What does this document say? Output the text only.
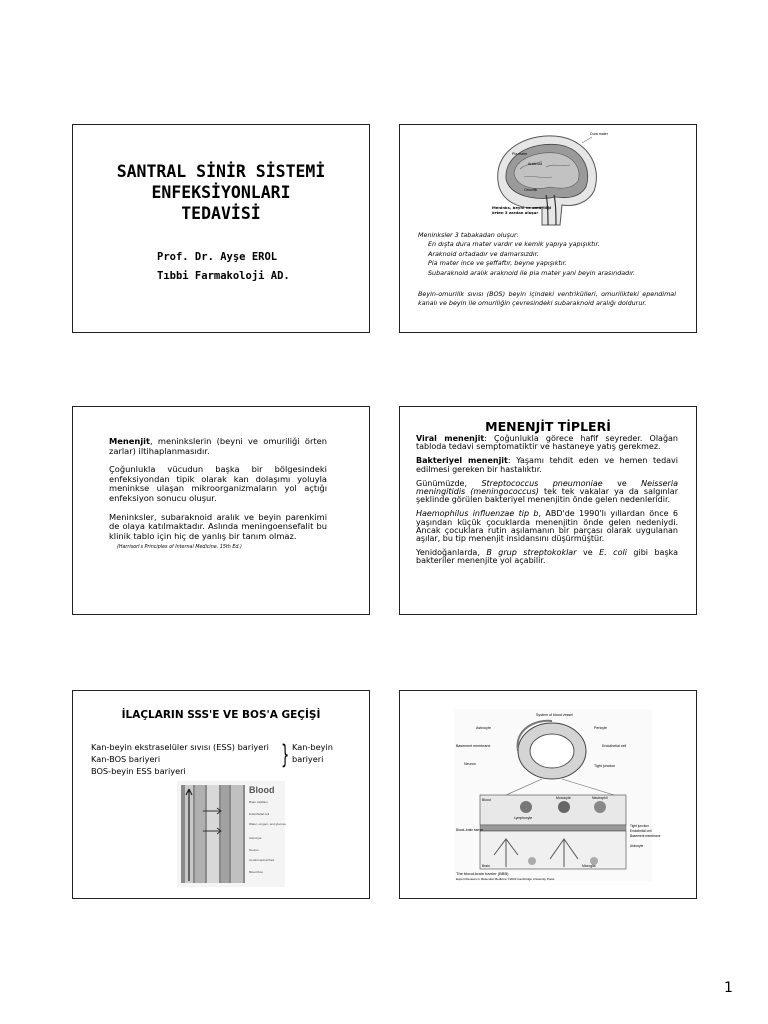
SANTRAL SİNİR SİSTEMİ
ENFEKSİYONLARI
TEDAVİSİ
Prof. Dr. Ayşe EROL
Tıbbi Farmakoloji AD.
Dura mater
Pia mater
Araknoid
Omurilik
Meninks, beyni ve omuriliği örten 3 zardan oluşur
Meninksler 3 tabakadan oluşur:
En dışta dura mater vardır ve kemik yapıya yapışıktır.
Araknoid ortadadır ve damarsızdır.
Pia mater ince ve şeffaftır, beyne yapışıktır.
Subaraknoid aralık araknoid ile pia mater yani beyin arasındadır.
Beyin-omurilik sıvısı (BOS) beyin içindeki ventrikülleri, omurilikteki ependimal kanalı ve beyin ile omuriliğin çevresindeki subaraknoid aralığı doldurur.

Menenjit, meninkslerin (beyni ve omuriliği örten zarlar) iltihaplanmasıdır.

Çoğunlukla vücudun başka bir bölgesindeki enfeksiyondan tipik olarak kan dolaşımı yoluyla meninkse ulaşan mikroorganizmaların yol açtığı enfeksiyon sonucu oluşur.

Meninksler, subaraknoid aralık ve beyin parenkimi de olaya katılmaktadır. Aslında meningoensefalit bu klinik tablo için hiç de yanlış bir tanım olmaz.

(Harrison's Principles of Internal Medicine, 15th Ed.)
MENENJİT TİPLERİ

Viral menenjit: Çoğunlukla görece hafif seyreder. Olağan tabloda tedavi semptomatiktir ve hastaneye yatış gerekmez.

Bakteriyel menenjit: Yaşamı tehdit eden ve hemen tedavi edilmesi gereken bir hastalıktır.

Günümüzde, Streptococcus pneumoniae ve Neisseria meningitidis (meningococcus) tek tek vakalar ya da salgınlar şeklinde görülen bakteriyel menenjitin önde gelen nedenleridir.

Haemophilus influenzae tip b, ABD'de 1990'lı yıllardan önce 6 yaşından küçük çocuklarda menenjitin önde gelen nedeniydi. Ancak çocuklara rutin aşılamanın bir parçası olarak uygulanan aşılar, bu tip menenjit insidansını düşürmüştür.

Yenidoğanlarda, B grup streptokoklar ve E. coli gibi başka bakteriler menenjite yol açabilir.

İLAÇLARIN SSS'E VE BOS'A GEÇİŞİ
Kan-beyin ekstraselüler sıvısı (ESS) bariyeri
Kan-BOS bariyeri
BOS-beyin ESS bariyeri
} Kan-beyin
bariyeri
Blood
Brain capillary
Endothelial cell
Water, oxygen, and glucose
Astrocyte
Neuron
Cerebrospinal fluid
Blood flow
System of blood vessel
Pericyte
Astrocyte
Basement membrane	Endothelial cell
Neuron	Tight junction
Blood	Monocyte	Neutrophil
Lymphocyte
Blood–brain barrier
Tight junction
Endothelial cell
Basement membrane
Astrocyte
Brain	Microglia
The blood-brain barrier (BBB)
Expert Reviews in Molecular Medicine ©2003 Cambridge University Press
1
